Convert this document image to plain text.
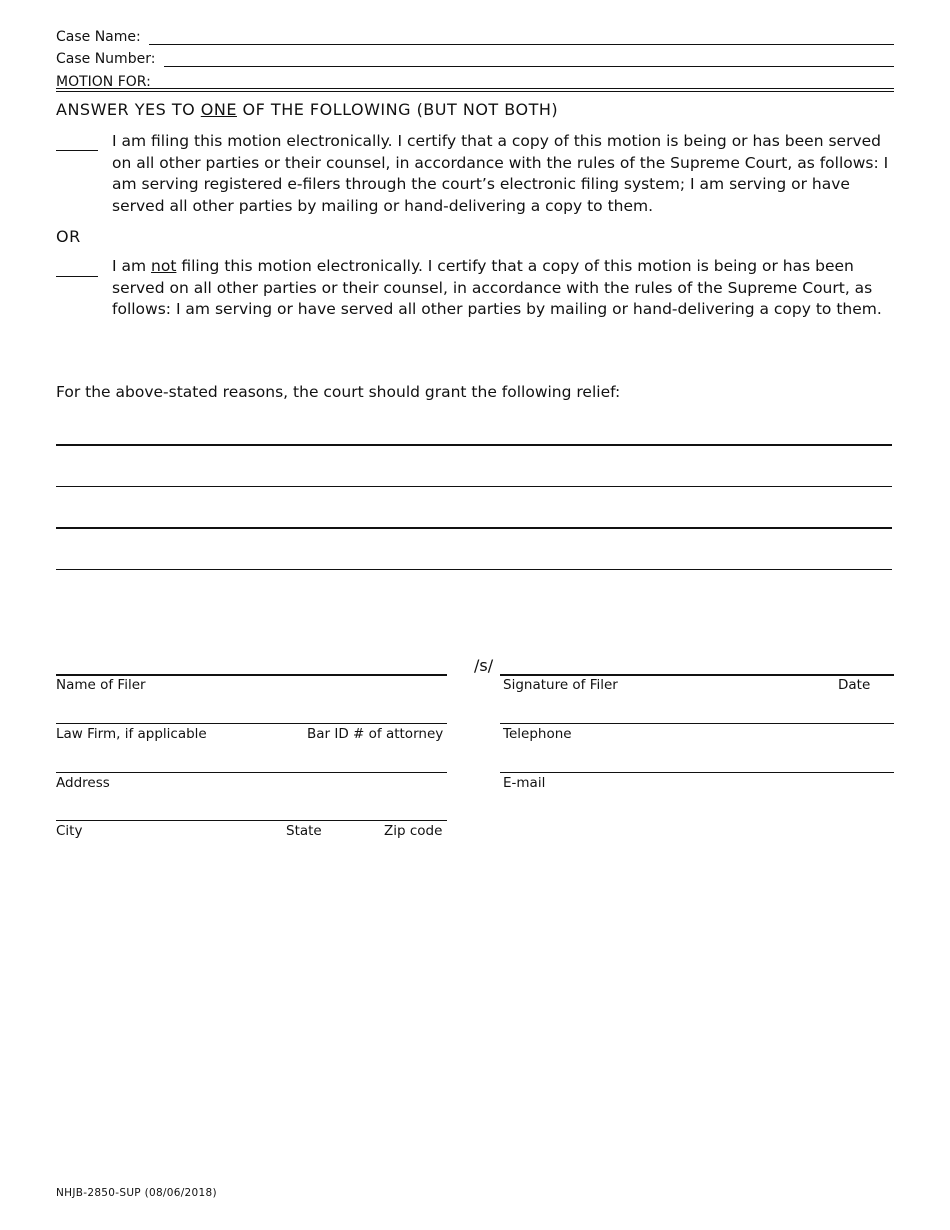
Case Name:
Case Number:
MOTION FOR:
ANSWER YES TO ONE OF THE FOLLOWING (BUT NOT BOTH)
I am filing this motion electronically. I certify that a copy of this motion is being or has been served on all other parties or their counsel, in accordance with the rules of the Supreme Court, as follows: I am serving registered e-filers through the court’s electronic filing system; I am serving or have served all other parties by mailing or hand-delivering a copy to them.
OR
I am not filing this motion electronically. I certify that a copy of this motion is being or has been served on all other parties or their counsel, in accordance with the rules of the Supreme Court, as follows: I am serving or have served all other parties by mailing or hand-delivering a copy to them.
For the above-stated reasons, the court should grant the following relief:
Name of Filer
Law Firm, if applicable	Bar ID # of attorney
Address
City	State	Zip code
/s/
Signature of Filer	Date
Telephone
E-mail
NHJB-2850-SUP (08/06/2018)
